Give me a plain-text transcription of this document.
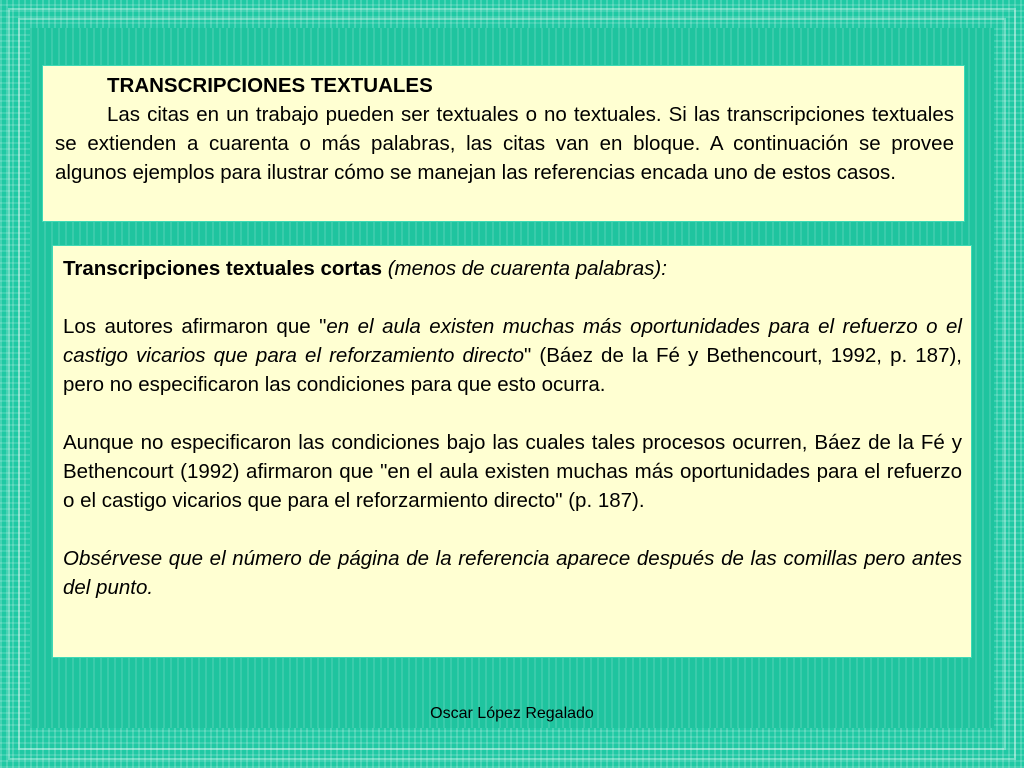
TRANSCRIPCIONES TEXTUALES

Las citas en un trabajo pueden ser textuales o no textuales. Si las transcripciones textuales se extienden a cuarenta o más palabras, las citas van en bloque. A continuación se provee algunos ejemplos para ilustrar cómo se manejan las referencias encada uno de estos casos.

Transcripciones textuales cortas (menos de cuarenta palabras):

Los autores afirmaron que "en el aula existen muchas más oportunidades para el refuerzo o el castigo vicarios que para el reforzamiento directo" (Báez de la Fé y Bethencourt, 1992, p. 187), pero no especificaron las condiciones para que esto ocurra.

Aunque no especificaron las condiciones bajo las cuales tales procesos ocurren, Báez de la Fé y Bethencourt (1992) afirmaron que "en el aula existen muchas más oportunidades para el refuerzo o el castigo vicarios que para el reforzarmiento directo" (p. 187).

Obsérvese que el número de página de la referencia aparece después de las comillas pero antes del punto.

Oscar López Regalado
